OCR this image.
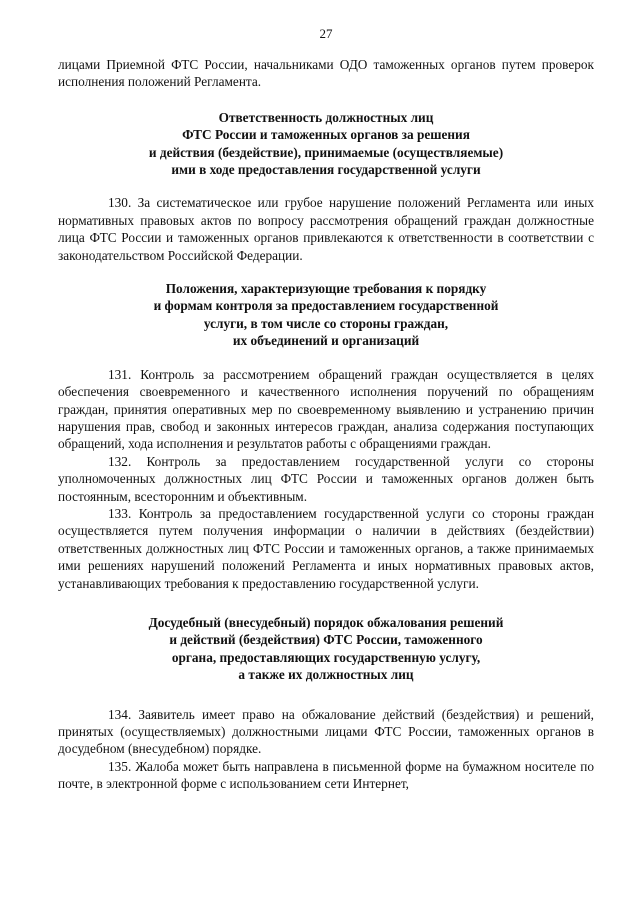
27

лицами Приемной ФТС России, начальниками ОДО таможенных органов путем проверок исполнения положений Регламента.

Ответственность должностных лиц
ФТС России и таможенных органов за решения
и действия (бездействие), принимаемые (осуществляемые)
ими в ходе предоставления государственной услуги

130. За систематическое или грубое нарушение положений Регламента или иных нормативных правовых актов по вопросу рассмотрения обращений граждан должностные лица ФТС России и таможенных органов привлекаются к ответственности в соответствии с законодательством Российской Федерации.

Положения, характеризующие требования к порядку
и формам контроля за предоставлением государственной
услуги, в том числе со стороны граждан,
их объединений и организаций

131. Контроль за рассмотрением обращений граждан осуществляется в целях обеспечения своевременного и качественного исполнения поручений по обращениям граждан, принятия оперативных мер по своевременному выявлению и устранению причин нарушения прав, свобод и законных интересов граждан, анализа содержания поступающих обращений, хода исполнения и результатов работы с обращениями граждан.

132. Контроль за предоставлением государственной услуги со стороны уполномоченных должностных лиц ФТС России и таможенных органов должен быть постоянным, всесторонним и объективным.

133. Контроль за предоставлением государственной услуги со стороны граждан осуществляется путем получения информации о наличии в действиях (бездействии) ответственных должностных лиц ФТС России и таможенных органов, а также принимаемых ими решениях нарушений положений Регламента и иных нормативных правовых актов, устанавливающих требования к предоставлению государственной услуги.

Досудебный (внесудебный) порядок обжалования решений
и действий (бездействия) ФТС России, таможенного
органа, предоставляющих государственную услугу,
а также их должностных лиц

134. Заявитель имеет право на обжалование действий (бездействия) и решений, принятых (осуществляемых) должностными лицами ФТС России, таможенных органов в досудебном (внесудебном) порядке.

135. Жалоба может быть направлена в письменной форме на бумажном носителе по почте, в электронной форме с использованием сети Интернет,
